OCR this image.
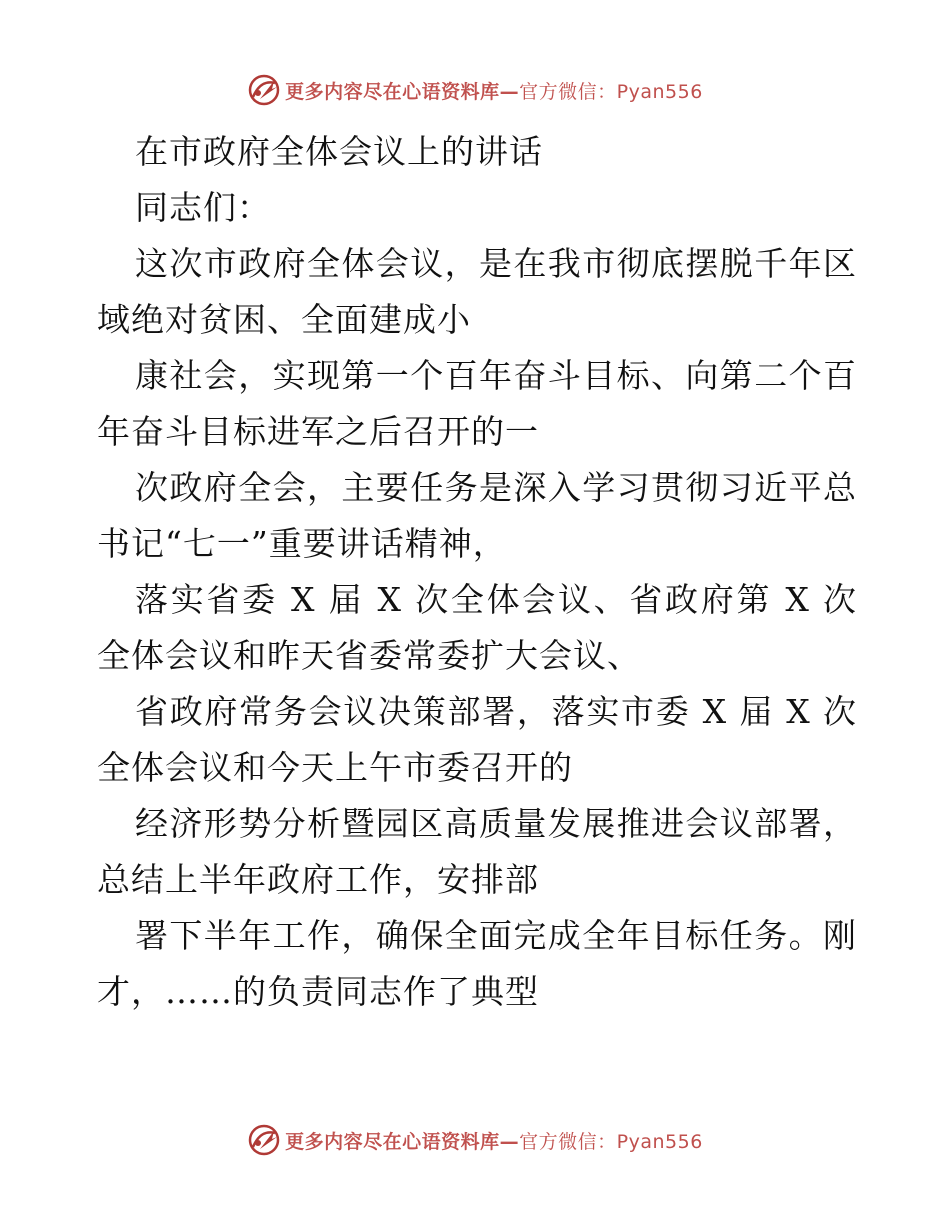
更多内容尽在心语资料库—官方微信：Pyan556
在市政府全体会议上的讲话
同志们：
这次市政府全体会议，是在我市彻底摆脱千年区
域绝对贫困、全面建成小
康社会，实现第一个百年奋斗目标、向第二个百
年奋斗目标进军之后召开的一
次政府全会，主要任务是深入学习贯彻习近平总
书记“七一”重要讲话精神，
落实省委 X 届 X 次全体会议、省政府第 X 次
全体会议和昨天省委常委扩大会议、
省政府常务会议决策部署，落实市委 X 届 X 次
全体会议和今天上午市委召开的
经济形势分析暨园区高质量发展推进会议部署，
总结上半年政府工作，安排部
署下半年工作，确保全面完成全年目标任务。刚
才，……的负责同志作了典型
更多内容尽在心语资料库—官方微信：Pyan556
